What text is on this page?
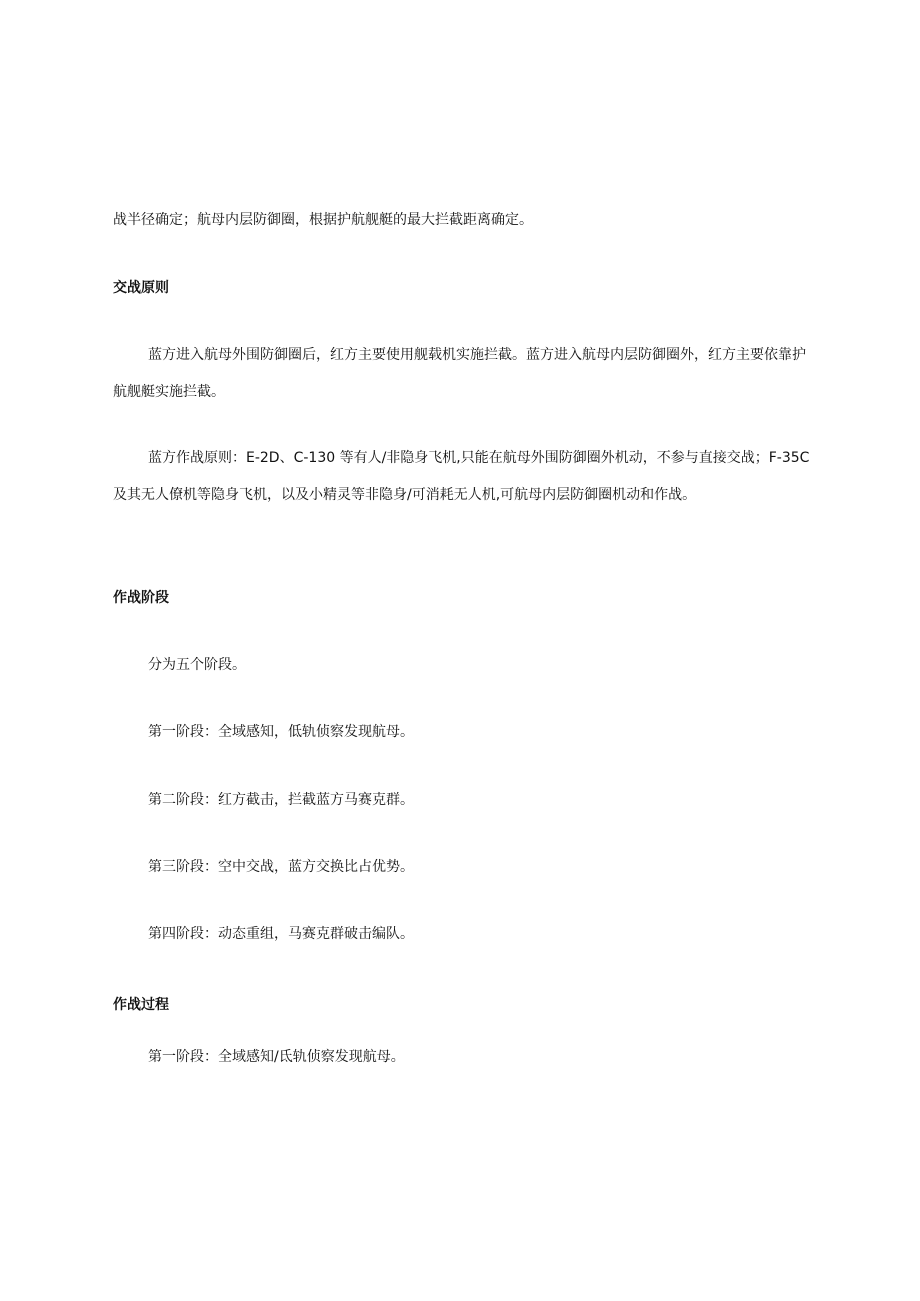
战半径确定；航母内层防御圈，根据护航舰艇的最大拦截距离确定。

交战原则

蓝方进入航母外围防御圈后，红方主要使用舰载机实施拦截。蓝方进入航母内层防御圈外，红方主要依靠护航舰艇实施拦截。

蓝方作战原则：E-2D、C-130 等有人/非隐身飞机,只能在航母外围防御圈外机动，不参与直接交战；F-35C 及其无人僚机等隐身飞机，以及小精灵等非隐身/可消耗无人机,可航母内层防御圈机动和作战。

作战阶段

分为五个阶段。

第一阶段：全域感知，低轨侦察发现航母。

第二阶段：红方截击，拦截蓝方马赛克群。

第三阶段：空中交战，蓝方交换比占优势。

第四阶段：动态重组，马赛克群破击编队。

作战过程

第一阶段：全域感知/氐轨侦察发现航母。
